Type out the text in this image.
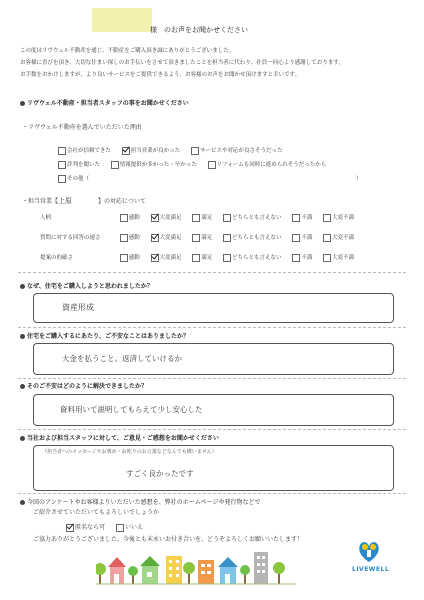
様　のお声をお聞かせください
この度はリヴウェル不動産を通じ、不動産をご購入頂き誠にありがとうございました。
お客様に喜びを頂き、大切な住まい探しのお手伝いをさせて頂きましたことを担当者に代わり、社員一同心より感謝しております。
お手数をおかけしますが、より良いサービスをご提供できるよう、お客様のお声をお聞かせ頂けますと幸いです。
リヴウェル不動産・担当者スタッフの事をお聞かせください
・リヴウェル不動産を選んでいただいた理由
会社が信頼できた	担当営業が良かった	サービスや対応が良さそうだった
評判を聞いた	情報提供が多かった・早かった	リフォームも同時に進められそうだったから
その他（	）
・担当営業【上原	】の対応について
人柄	感動	大変満足	満足	どちらとも言えない	不満	大変不満
質問に対する回答の速さ	感動	大変満足	満足	どちらとも言えない	不満	大変不満
提案の的確さ	感動	大変満足	満足	どちらとも言えない	不満	大変不満
なぜ、住宅をご購入しようと思われましたか？
資産形成
住宅をご購入するにあたり、ご不安なことはありましたか？
大金を払うこと。返済していけるか
そのご不安はどのように解決できましたか？
資料用いて説明してもらえて少し安心した
当社および担当スタッフに対して、ご意見・ご感想をお聞かせください
（担当者へのメッセージやお褒め・お叱りのお言葉などなんでも構いません）
すごく良かったです
今回のアンケートやお客様よりいただいた感想を、弊社のホームページや発行物などで
ご紹介させていただいてもよろしいでしょうか
匿名なら可	いいえ
ご協力ありがとうございました。今後とも末永いお付き合いを、どうぞよろしくお願いいたします！
LIVEWELL
